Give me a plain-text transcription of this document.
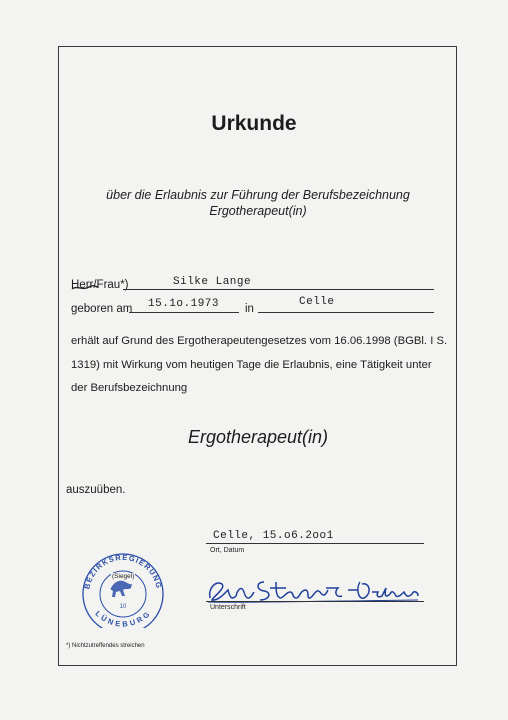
Urkunde
über die Erlaubnis zur Führung der Berufsbezeichnung
Ergotherapeut(in)
Herr/Frau*)	Silke Lange
geboren am 15.1o.1973 in
Celle
erhält auf Grund des Ergotherapeutengesetzes vom 16.06.1998 (BGBl. I S. 1319) mit Wirkung vom heutigen Tage die Erlaubnis, eine Tätigkeit unter der Berufsbezeichnung
Ergotherapeut(in)
auszuüben.
Celle, 15.o6.2oo1
Ort, Datum
BEZIRKSREGIERUNG
LÜNEBURG
10
(Siegel)
Unterschrift
*) Nichtzutreffendes streichen
